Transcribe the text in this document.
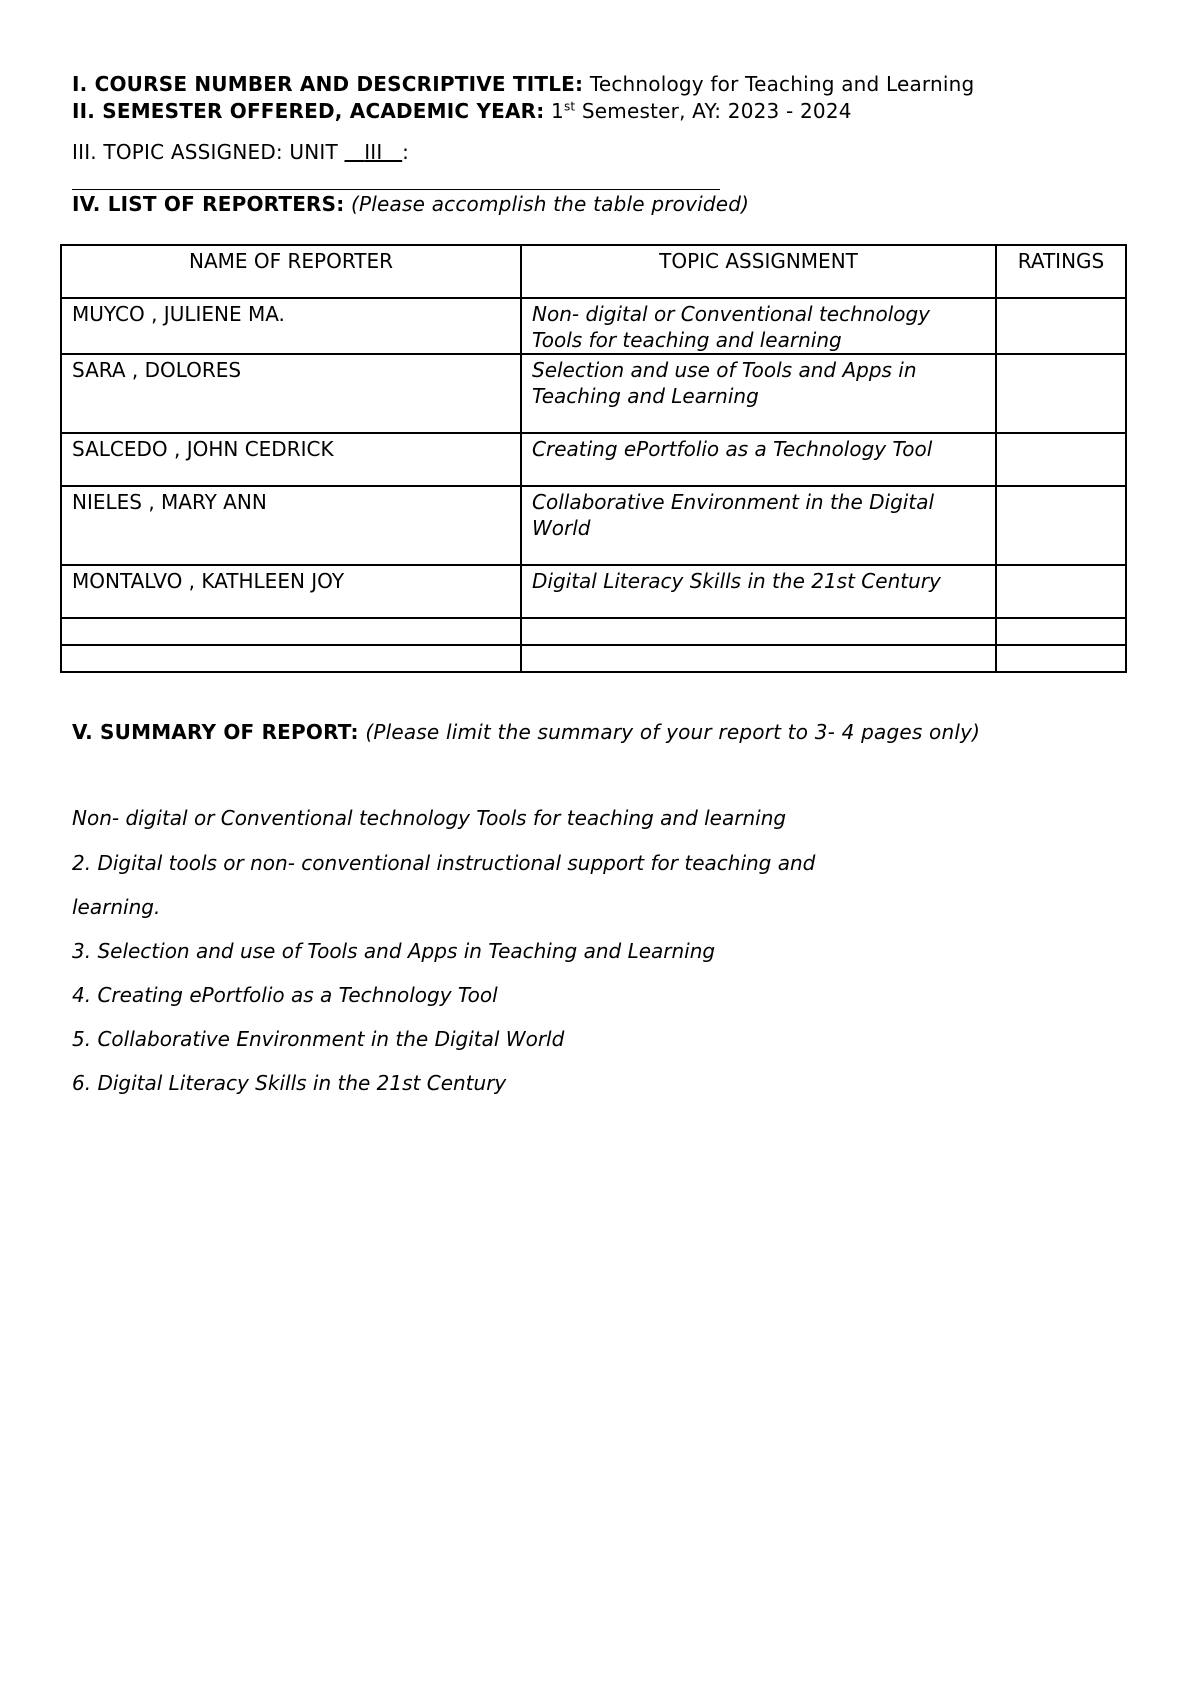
I. COURSE NUMBER AND DESCRIPTIVE TITLE: Technology for Teaching and Learning
II. SEMESTER OFFERED, ACADEMIC YEAR: 1st Semester, AY: 2023 - 2024
III. TOPIC ASSIGNED: UNIT III :
IV. LIST OF REPORTERS: (Please accomplish the table provided)
NAME OF REPORTER	TOPIC ASSIGNMENT	RATINGS
MUYCO , JULIENE MA.	Non- digital or Conventional technology Tools for teaching and learning	
SARA , DOLORES	Selection and use of Tools and Apps in Teaching and Learning	
SALCEDO , JOHN CEDRICK	Creating ePortfolio as a Technology Tool	
NIELES , MARY ANN	Collaborative Environment in the Digital World	
MONTALVO , KATHLEEN JOY	Digital Literacy Skills in the 21st Century	

V. SUMMARY OF REPORT: (Please limit the summary of your report to 3- 4 pages only)
Non- digital or Conventional technology Tools for teaching and learning
2. Digital tools or non- conventional instructional support for teaching and
learning.
3. Selection and use of Tools and Apps in Teaching and Learning
4. Creating ePortfolio as a Technology Tool
5. Collaborative Environment in the Digital World
6. Digital Literacy Skills in the 21st Century
